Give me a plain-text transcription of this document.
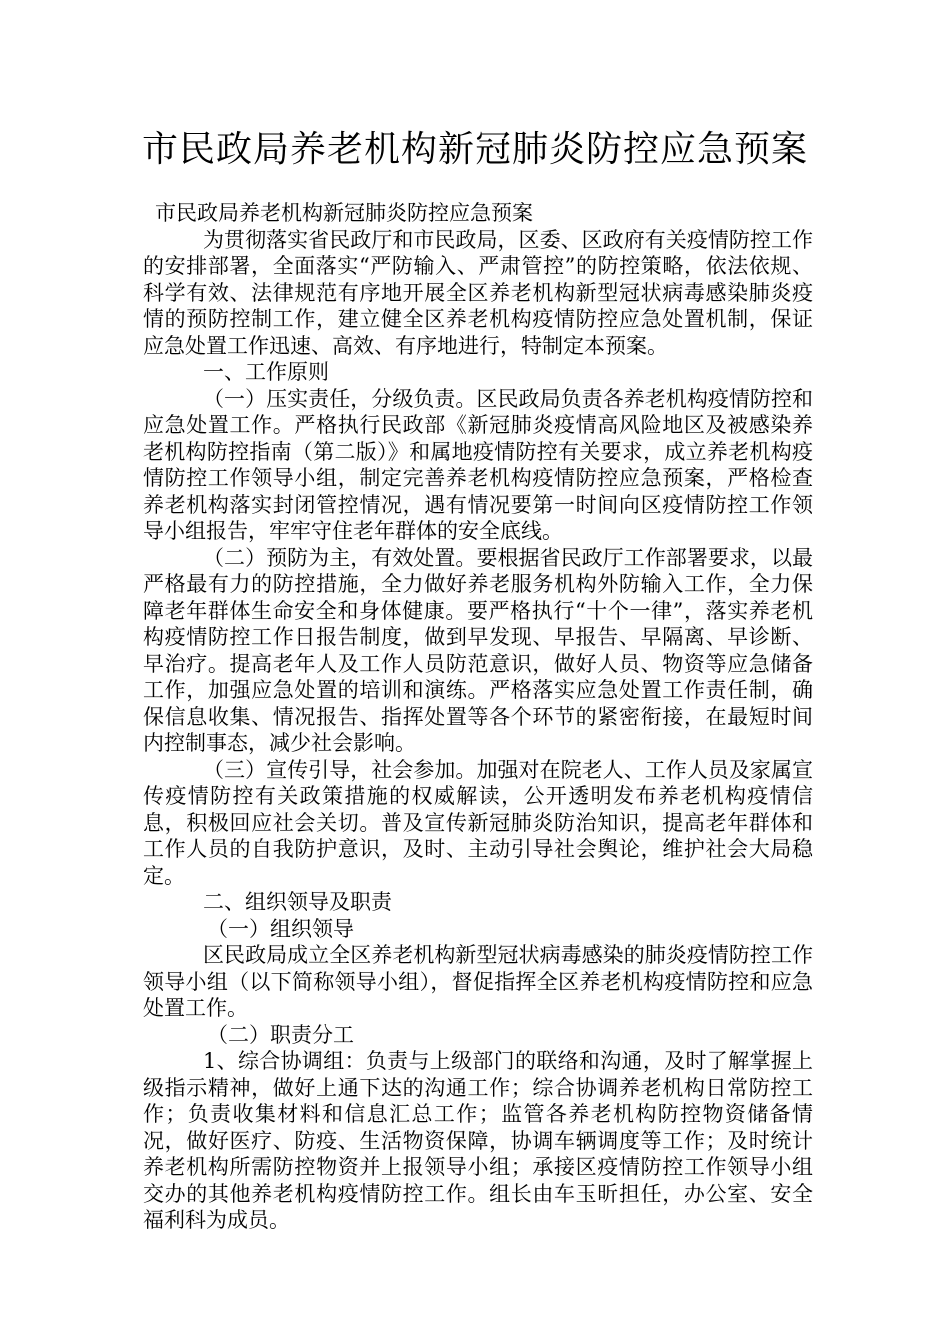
市民政局养老机构新冠肺炎防控应急预案

市民政局养老机构新冠肺炎防控应急预案

为贯彻落实省民政厅和市民政局，区委、区政府有关疫情防控工作的安排部署，全面落实“严防输入、严肃管控”的防控策略，依法依规、科学有效、法律规范有序地开展全区养老机构新型冠状病毒感染肺炎疫情的预防控制工作，建立健全区养老机构疫情防控应急处置机制，保证应急处置工作迅速、高效、有序地进行，特制定本预案。

一、工作原则

（一）压实责任，分级负责。区民政局负责各养老机构疫情防控和应急处置工作。严格执行民政部《新冠肺炎疫情高风险地区及被感染养老机构防控指南（第二版）》和属地疫情防控有关要求，成立养老机构疫情防控工作领导小组，制定完善养老机构疫情防控应急预案，严格检查养老机构落实封闭管控情况，遇有情况要第一时间向区疫情防控工作领导小组报告，牢牢守住老年群体的安全底线。

（二）预防为主，有效处置。要根据省民政厅工作部署要求，以最严格最有力的防控措施，全力做好养老服务机构外防输入工作，全力保障老年群体生命安全和身体健康。要严格执行“十个一律”，落实养老机构疫情防控工作日报告制度，做到早发现、早报告、早隔离、早诊断、早治疗。提高老年人及工作人员防范意识，做好人员、物资等应急储备工作，加强应急处置的培训和演练。严格落实应急处置工作责任制，确保信息收集、情况报告、指挥处置等各个环节的紧密衔接，在最短时间内控制事态，减少社会影响。

（三）宣传引导，社会参加。加强对在院老人、工作人员及家属宣传疫情防控有关政策措施的权威解读，公开透明发布养老机构疫情信息，积极回应社会关切。普及宣传新冠肺炎防治知识，提高老年群体和工作人员的自我防护意识，及时、主动引导社会舆论，维护社会大局稳定。

二、组织领导及职责

（一）组织领导

区民政局成立全区养老机构新型冠状病毒感染的肺炎疫情防控工作领导小组（以下简称领导小组），督促指挥全区养老机构疫情防控和应急处置工作。

（二）职责分工

1、综合协调组：负责与上级部门的联络和沟通，及时了解掌握上级指示精神，做好上通下达的沟通工作；综合协调养老机构日常防控工作；负责收集材料和信息汇总工作；监管各养老机构防控物资储备情况，做好医疗、防疫、生活物资保障，协调车辆调度等工作；及时统计养老机构所需防控物资并上报领导小组；承接区疫情防控工作领导小组交办的其他养老机构疫情防控工作。组长由车玉昕担任，办公室、安全福利科为成员。
